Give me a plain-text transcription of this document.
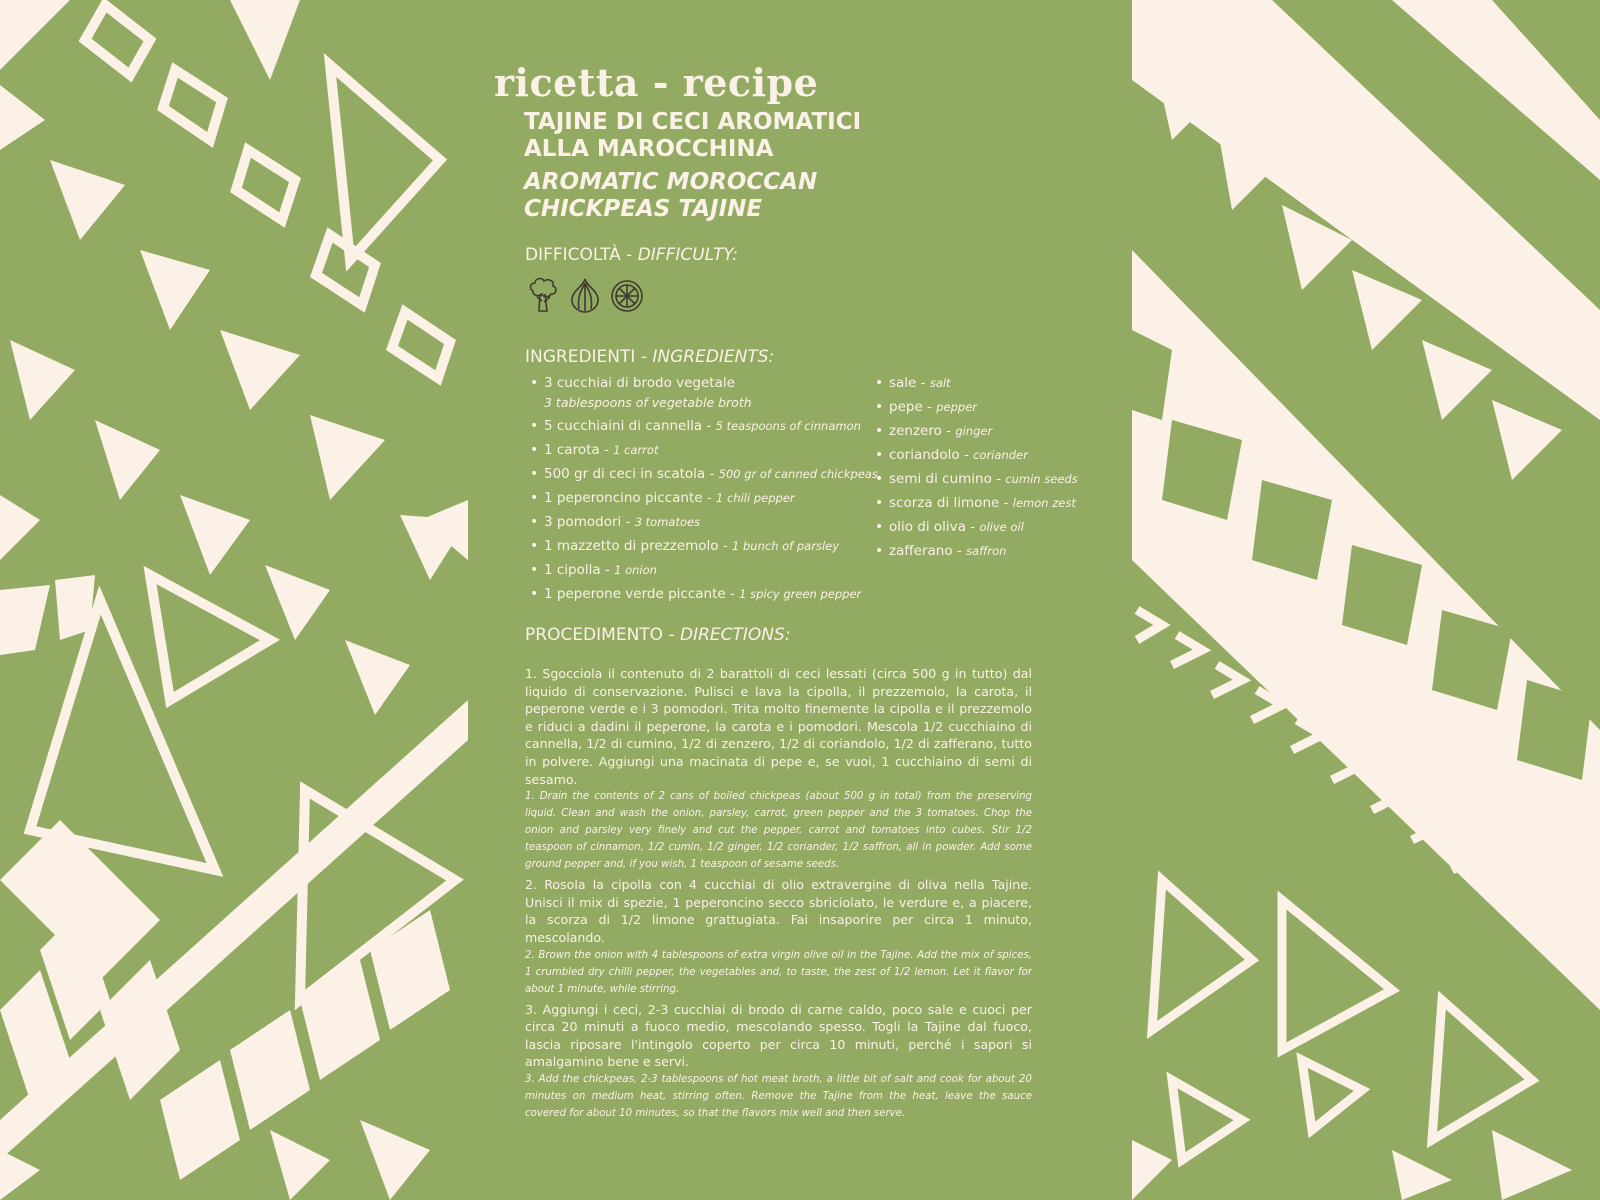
ricetta - recipe
TAJINE DI CECI AROMATICI
ALLA MAROCCHINA
AROMATIC MOROCCAN
CHICKPEAS TAJINE
DIFFICOLTÀ - DIFFICULTY:
INGREDIENTI - INGREDIENTS:
• 3 cucchiai di brodo vegetale
3 tablespoons of vegetable broth
• 5 cucchiaini di cannella - 5 teaspoons of cinnamon
• 1 carota - 1 carrot
• 500 gr di ceci in scatola - 500 gr of canned chickpeas
• 1 peperoncino piccante - 1 chili pepper
• 3 pomodori - 3 tomatoes
• 1 mazzetto di prezzemolo - 1 bunch of parsley
• 1 cipolla - 1 onion
• 1 peperone verde piccante - 1 spicy green pepper
• sale - salt
• pepe - pepper
• zenzero - ginger
• coriandolo - coriander
• semi di cumino - cumin seeds
• scorza di limone - lemon zest
• olio di oliva - olive oil
• zafferano - saffron
PROCEDIMENTO - DIRECTIONS:

1. Sgocciola il contenuto di 2 barattoli di ceci lessati (circa 500 g in tutto) dal liquido di conservazione. Pulisci e lava la cipolla, il prezzemolo, la carota, il peperone verde e i 3 pomodori. Trita molto finemente la cipolla e il prezzemolo e riduci a dadini il peperone, la carota e i pomodori. Mescola 1/2 cucchiaino di cannella, 1/2 di cumino, 1/2 di zenzero, 1/2 di coriandolo, 1/2 di zafferano, tutto in polvere. Aggiungi una macinata di pepe e, se vuoi, 1 cucchiaino di semi di sesamo.

1. Drain the contents of 2 cans of boiled chickpeas (about 500 g in total) from the preserving liquid. Clean and wash the onion, parsley, carrot, green pepper and the 3 tomatoes. Chop the onion and parsley very finely and cut the pepper, carrot and tomatoes into cubes. Stir 1/2 teaspoon of cinnamon, 1/2 cumin, 1/2 ginger, 1/2 coriander, 1/2 saffron, all in powder. Add some ground pepper and, if you wish, 1 teaspoon of sesame seeds.

2. Rosola la cipolla con 4 cucchiai di olio extravergine di oliva nella Tajine. Unisci il mix di spezie, 1 peperoncino secco sbriciolato, le verdure e, a piacere, la scorza di 1/2 limone grattugiata. Fai insaporire per circa 1 minuto, mescolando.

2. Brown the onion with 4 tablespoons of extra virgin olive oil in the Tajine. Add the mix of spices, 1 crumbled dry chilli pepper, the vegetables and, to taste, the zest of 1/2 lemon. Let it flavor for about 1 minute, while stirring.

3. Aggiungi i ceci, 2-3 cucchiai di brodo di carne caldo, poco sale e cuoci per circa 20 minuti a fuoco medio, mescolando spesso. Togli la Tajine dal fuoco, lascia riposare l'intingolo coperto per circa 10 minuti, perché i sapori si amalgamino bene e servi.

3. Add the chickpeas, 2-3 tablespoons of hot meat broth, a little bit of salt and cook for about 20 minutes on medium heat, stirring often. Remove the Tajine from the heat, leave the sauce covered for about 10 minutes, so that the flavors mix well and then serve.
